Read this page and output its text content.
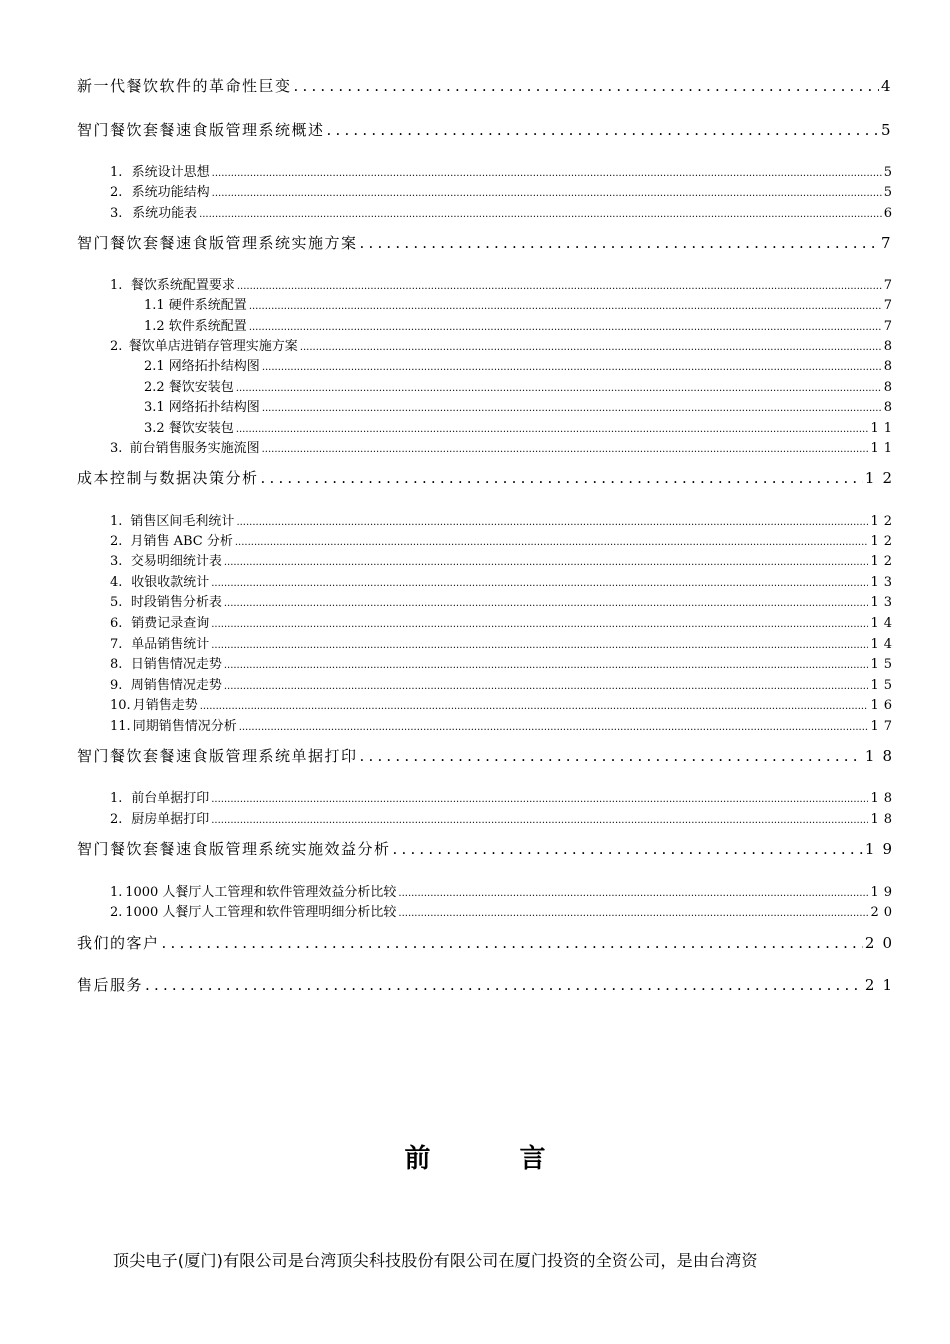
新一代餐饮软件的革命性巨变 .....	4
智门餐饮套餐速食版管理系统概述 .....	5
1. 系统设计思想 .....	5
2. 系统功能结构 .....	5
3. 系统功能表 .....	6
智门餐饮套餐速食版管理系统实施方案 .....	7
1. 餐饮系统配置要求 .....	7
1.1 硬件系统配置 .....	7
1.2 软件系统配置 .....	7
2. 餐饮单店进销存管理实施方案 .....	8
2.1 网络拓扑结构图 .....	8
2.2 餐饮安装包 .....	8
3.1 网络拓扑结构图 .....	8
3.2 餐饮安装包 .....	11
3. 前台销售服务实施流图 .....	11
成本控制与数据决策分析 .....	12
1. 销售区间毛利统计 .....	12
2. 月销售 ABC 分析 .....	12
3. 交易明细统计表 .....	12
4. 收银收款统计 .....	13
5. 时段销售分析表 .....	13
6. 销费记录查询 .....	14
7. 单品销售统计 .....	14
8. 日销售情况走势 .....	15
9. 周销售情况走势 .....	15
10. 月销售走势 .....	16
11. 同期销售情况分析 .....	17
智门餐饮套餐速食版管理系统单据打印 .....	18
1. 前台单据打印 .....	18
2. 厨房单据打印 .....	18
智门餐饮套餐速食版管理系统实施效益分析 .....	19
1. 1000 人餐厅人工管理和软件管理效益分析比较 .....	19
2. 1000 人餐厅人工管理和软件管理明细分析比较 .....	20
我们的客户 .....	20
售后服务 .....	21
前 言
顶尖电子(厦门)有限公司是台湾顶尖科技股份有限公司在厦门投资的全资公司，是由台湾资
